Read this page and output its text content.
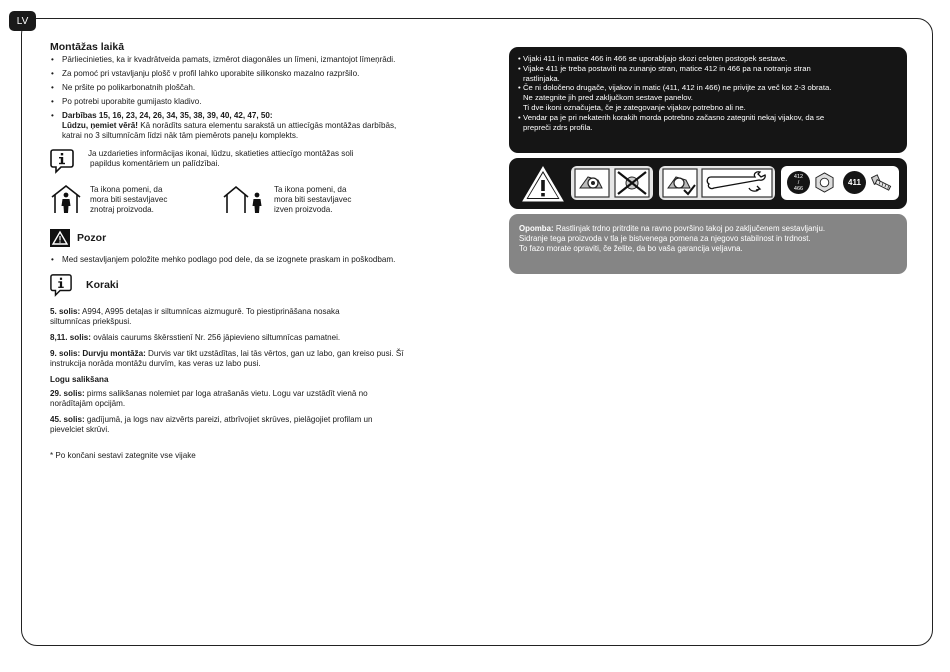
LV
Montāžas laikā
• Pārliecinieties, ka ir kvadrātveida pamats, izmērot diagonāles un līmeni, izmantojot līmeņrādi.
• Za pomoć pri vstavljanju plošč v profil lahko uporabite silikonsko mazalno razpršilo.
• Ne pršite po polikarbonatnih ploščah.
• Po potrebi uporabite gumijasto kladivo.
• Darbības 15, 16, 23, 24, 26, 34, 35, 38, 39, 40, 42, 47, 50:
Lūdzu, ņemiet vērā! Kā norādīts satura elementu sarakstā un attiecīgās montāžas darbībās,
katrai no 3 siltumnīcām līdzi nāk tām piemērots paneļu komplekts.
Ja uzdarieties informācijas ikonai, lūdzu, skatieties attiecīgo montāžas soli
papildus komentāriem un palīdzībai.
Ta ikona pomeni, da
mora biti sestavljavec
znotraj proizvoda.
Ta ikona pomeni, da
mora biti sestavljavec
izven proizvoda.
Pozor
• Med sestavljanjem položite mehko podlago pod dele, da se izognete praskam in poškodbam.
Koraki

5. solis: A994, A995 detaļas ir siltumnīcas aizmugurē. To piestiprināšana nosaka
siltumnīcas priekšpusi.

8,11. solis: ovālais caurums škērsstienī Nr. 256 jāpievieno siltumnīcas pamatnei.

9. solis: Durvju montāža: Durvis var tikt uzstādītas, lai tās vērtos, gan uz labo, gan kreiso pusi. Šī
instrukcija norāda montāžu durvīm, kas veras uz labo pusi.

Logu salikšana

29. solis: pirms salikšanas nolemiet par loga atrašanās vietu. Logu var uzstādīt vienā no
norādītajām opcijām.

45. solis: gadījumā, ja logs nav aizvērts pareizi, atbrīvojiet skrūves, pielāgojiet profilam un
pievelciet skrūvi.

* Po končani sestavi zategnite vse vijake
• Vijaki 411 in matice 466 in 466 se uporabljajo skozi celoten postopek sestave.
• Vijake 411 je treba postaviti na zunanjo stran, matice 412 in 466 pa na notranjo stran
rastlinjaka.
• Če ni določeno drugače, vijakov in matic (411, 412 in 466) ne privijte za več kot 2-3 obrata.
Ne zategnite jih pred zaključkom sestave panelov.
Ti dve ikoni označujeta, če je zategovanje vijakov potrebno ali ne.
• Vendar pa je pri nekaterih korakih morda potrebno začasno zategniti nekaj vijakov, da se
prepreči zdrs profila.
412
/
466
411
Opomba: Rastlinjak trdno pritrdite na ravno površino takoj po zaključenem sestavljanju.
Sidranje tega proizvoda v tla je bistvenega pomena za njegovo stabilnost in trdnost.
To fazo morate opraviti, če želite, da bo vaša garancija veljavna.
